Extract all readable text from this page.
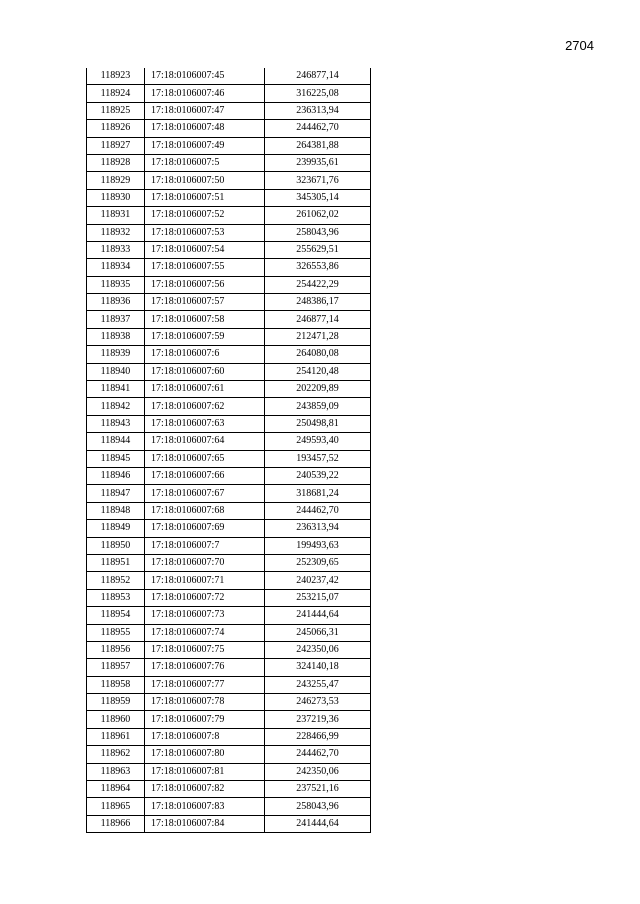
2704
118923	17:18:0106007:45	246877,14
118924	17:18:0106007:46	316225,08
118925	17:18:0106007:47	236313,94
118926	17:18:0106007:48	244462,70
118927	17:18:0106007:49	264381,88
118928	17:18:0106007:5	239935,61
118929	17:18:0106007:50	323671,76
118930	17:18:0106007:51	345305,14
118931	17:18:0106007:52	261062,02
118932	17:18:0106007:53	258043,96
118933	17:18:0106007:54	255629,51
118934	17:18:0106007:55	326553,86
118935	17:18:0106007:56	254422,29
118936	17:18:0106007:57	248386,17
118937	17:18:0106007:58	246877,14
118938	17:18:0106007:59	212471,28
118939	17:18:0106007:6	264080,08
118940	17:18:0106007:60	254120,48
118941	17:18:0106007:61	202209,89
118942	17:18:0106007:62	243859,09
118943	17:18:0106007:63	250498,81
118944	17:18:0106007:64	249593,40
118945	17:18:0106007:65	193457,52
118946	17:18:0106007:66	240539,22
118947	17:18:0106007:67	318681,24
118948	17:18:0106007:68	244462,70
118949	17:18:0106007:69	236313,94
118950	17:18:0106007:7	199493,63
118951	17:18:0106007:70	252309,65
118952	17:18:0106007:71	240237,42
118953	17:18:0106007:72	253215,07
118954	17:18:0106007:73	241444,64
118955	17:18:0106007:74	245066,31
118956	17:18:0106007:75	242350,06
118957	17:18:0106007:76	324140,18
118958	17:18:0106007:77	243255,47
118959	17:18:0106007:78	246273,53
118960	17:18:0106007:79	237219,36
118961	17:18:0106007:8	228466,99
118962	17:18:0106007:80	244462,70
118963	17:18:0106007:81	242350,06
118964	17:18:0106007:82	237521,16
118965	17:18:0106007:83	258043,96
118966	17:18:0106007:84	241444,64
